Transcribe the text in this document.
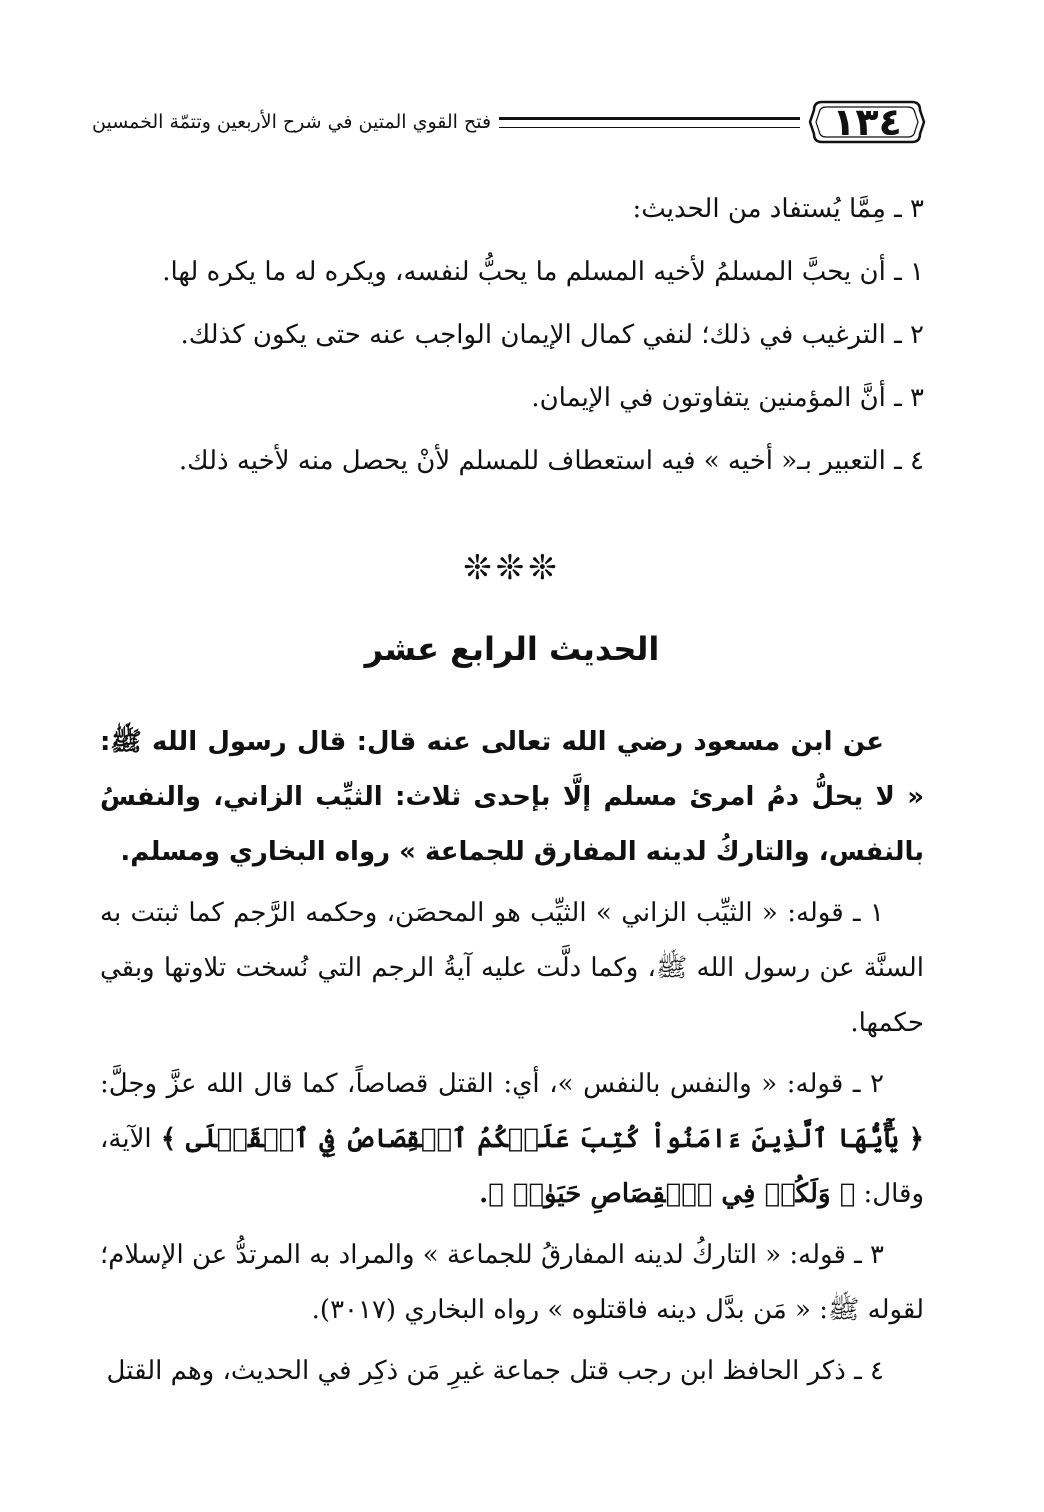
١٣٤
فتح القوي المتين في شرح الأربعين وتتمّة الخمسين

٣ ـ مِمَّا يُستفاد من الحديث:

١ ـ أن يحبَّ المسلمُ لأخيه المسلم ما يحبُّ لنفسه، ويكره له ما يكره لها.

٢ ـ الترغيب في ذلك؛ لنفي كمال الإيمان الواجب عنه حتى يكون كذلك.

٣ ـ أنَّ المؤمنين يتفاوتون في الإيمان.

٤ ـ التعبير بـ« أخيه » فيه استعطاف للمسلم لأنْ يحصل منه لأخيه ذلك.

❊❊❊
الحديث الرابع عشر

عن ابن مسعود رضي الله تعالى عنه قال: قال رسول الله ﷺ: « لا يحلُّ دمُ امرئ مسلم إلَّا بإحدى ثلاث: الثيِّب الزاني، والنفسُ بالنفس، والتاركُ لدينه المفارق للجماعة » رواه البخاري ومسلم.

١ ـ قوله: « الثيِّب الزاني » الثيِّب هو المحصَن، وحكمه الرَّجم كما ثبتت به السنَّة عن رسول الله ﷺ، وكما دلَّت عليه آيةُ الرجم التي نُسخت تلاوتها وبقي حكمها.

٢ ـ قوله: « والنفس بالنفس »، أي: القتل قصاصاً، كما قال الله عزَّ وجلَّ: ﴿ يَٰٓأَيُّهَا ٱلَّذِينَ ءَامَنُواْ كُتِبَ عَلَيۡكُمُ ٱلۡقِصَاصُ فِي ٱلۡقَتۡلَى ﴾ الآية، وقال: ﴿ وَلَكُمۡ فِي ٱلۡقِصَاصِ حَيَوٰةٞ ﴾.

٣ ـ قوله: « التاركُ لدينه المفارقُ للجماعة » والمراد به المرتدُّ عن الإسلام؛ لقوله ﷺ: « مَن بدَّل دينه فاقتلوه » رواه البخاري (٣٠١٧).

٤ ـ ذكر الحافظ ابن رجب قتل جماعة غيرِ مَن ذكِر في الحديث، وهم القتل
